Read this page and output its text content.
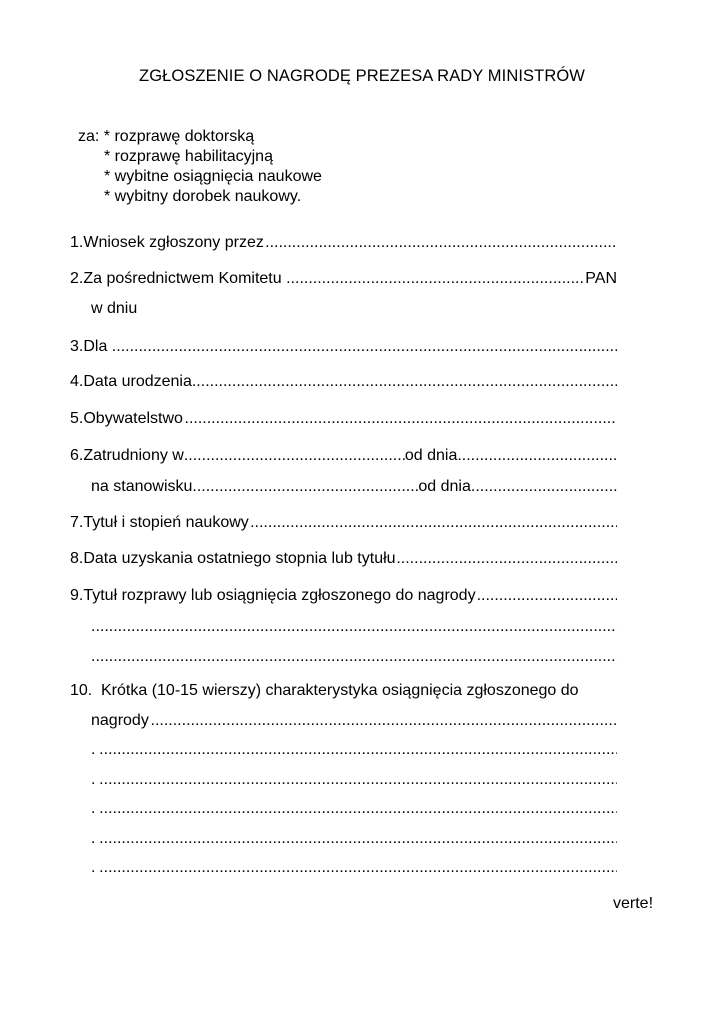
ZGŁOSZENIE O NAGRODĘ PREZESA RADY MINISTRÓW
za: * rozprawę doktorską
* rozprawę habilitacyjną
* wybitne osiągnięcia naukowe
* wybitny dorobek naukowy.
1. Wniosek zgłoszony przez
.....
2. Za pośrednictwem Komitetu . .....	PAN
w dniu
3. Dla .
.....
4. Data urodzenia
.....
5. Obywatelstwo
.....
6. Zatrudniony w .....	od dnia.
.....
na stanowisku .....	od dnia
.....
7. Tytuł i stopień naukowy
.....
8. Data uzyskania ostatniego stopnia lub tytułu
.....
9. Tytuł rozprawy lub osiągnięcia zgłoszonego do nagrody
.....
.
.....
.
.....
10. Krótka (10-15 wierszy) charakterystyka osiągnięcia zgłoszonego do
nagrody
.....
.
.....
.
.....
.
.....
.
.....
.
.....
verte!
